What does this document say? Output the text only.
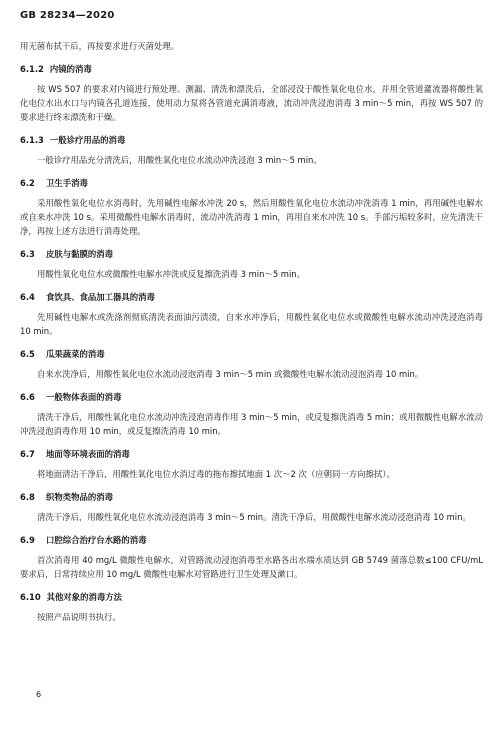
GB 28234—2020

用无菌布拭干后，再按要求进行灭菌处理。

6.1.2 内镜的消毒

按 WS 507 的要求对内镜进行预处理、测漏、清洗和漂洗后，全部浸没于酸性氧化电位水，并用全管道灌流器将酸性氧化电位水出水口与内镜各孔道连接，使用动力泵将各管道充满消毒液，流动冲洗浸泡消毒 3 min～5 min，再按 WS 507 的要求进行终末漂洗和干燥。

6.1.3 一般诊疗用品的消毒

一般诊疗用品充分清洗后，用酸性氧化电位水流动冲洗浸泡 3 min～5 min。

6.2 卫生手消毒

采用酸性氧化电位水消毒时，先用碱性电解水冲洗 20 s，然后用酸性氧化电位水流动冲洗消毒 1 min，再用碱性电解水或自来水冲洗 10 s。采用微酸性电解水消毒时，流动冲洗消毒 1 min，再用自来水冲洗 10 s。手部污垢较多时，应先清洗干净，再按上述方法进行消毒处理。

6.3 皮肤与黏膜的消毒

用酸性氧化电位水或微酸性电解水冲洗或反复擦洗消毒 3 min～5 min。

6.4 食饮具、食品加工器具的消毒

先用碱性电解水或洗涤剂彻底清洗表面油污渍渍，自来水冲净后，用酸性氧化电位水或微酸性电解水流动冲洗浸泡消毒 10 min。

6.5 瓜果蔬菜的消毒

自来水洗净后，用酸性氧化电位水流动浸泡消毒 3 min～5 min 或微酸性电解水流动浸泡消毒 10 min。

6.6 一般物体表面的消毒

清洗干净后，用酸性氧化电位水流动冲洗浸泡消毒作用 3 min～5 min，或反复擦洗消毒 5 min；或用微酸性电解水流动冲洗浸泡消毒作用 10 min，或反复擦洗消毒 10 min。

6.7 地面等环境表面的消毒

将地面清洁干净后，用酸性氧化电位水消过毒的拖布擦拭地面 1 次～2 次（应朝同一方向擦拭）。

6.8 织物类物品的消毒

清洗干净后，用酸性氧化电位水流动浸泡消毒 3 min～5 min。清洗干净后，用微酸性电解水流动浸泡消毒 10 min。

6.9 口腔综合治疗台水路的消毒

首次消毒用 40 mg/L 微酸性电解水，对管路流动浸泡消毒至水路各出水端水质达到 GB 5749 菌落总数≤100 CFU/mL 要求后，日常持续应用 10 mg/L 微酸性电解水对管路进行卫生处理及漱口。

6.10 其他对象的消毒方法

按照产品说明书执行。

6
